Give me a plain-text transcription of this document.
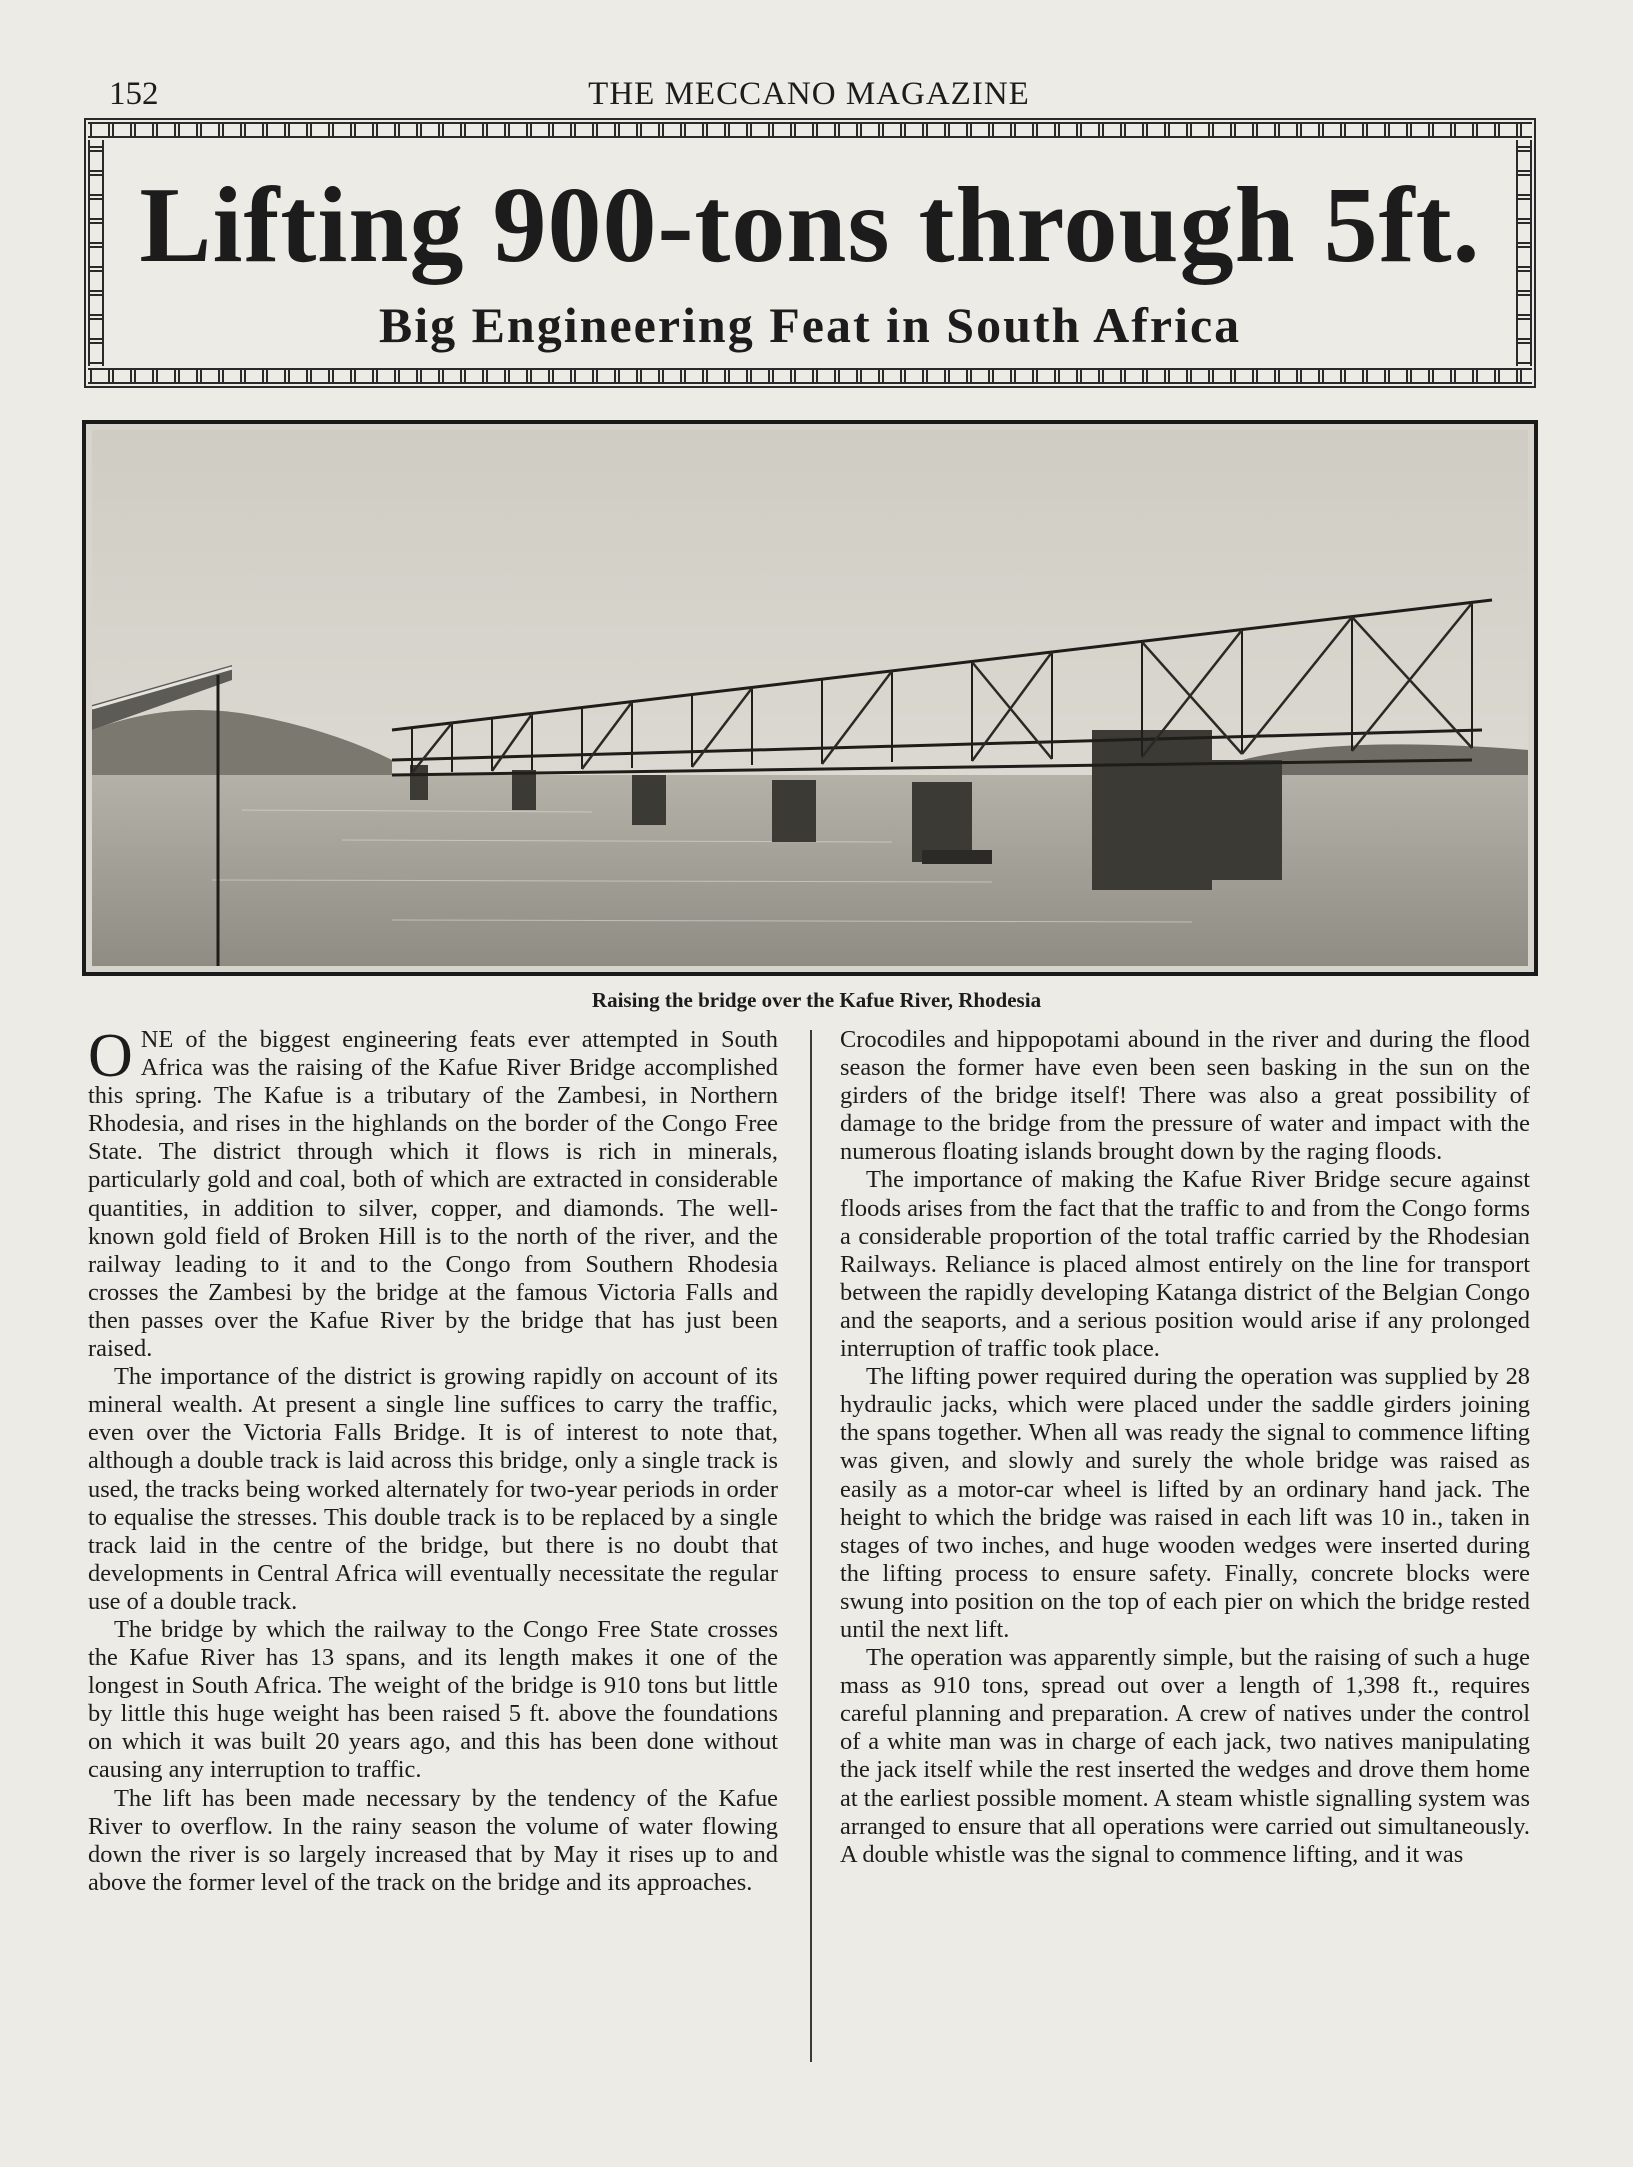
152	THE MECCANO MAGAZINE
Lifting 900-tons through 5ft.
Big Engineering Feat in South Africa
Raising the bridge over the Kafue River, Rhodesia

ONE of the biggest engineering feats ever attempted in South Africa was the raising of the Kafue River Bridge accomplished this spring. The Kafue is a tributary of the Zambesi, in Northern Rhodesia, and rises in the highlands on the border of the Congo Free State. The district through which it flows is rich in minerals, particularly gold and coal, both of which are extracted in considerable quantities, in addition to silver, copper, and diamonds. The well-known gold field of Broken Hill is to the north of the river, and the railway leading to it and to the Congo from Southern Rhodesia crosses the Zambesi by the bridge at the famous Victoria Falls and then passes over the Kafue River by the bridge that has just been raised.

The importance of the district is growing rapidly on account of its mineral wealth. At present a single line suffices to carry the traffic, even over the Victoria Falls Bridge. It is of interest to note that, although a double track is laid across this bridge, only a single track is used, the tracks being worked alternately for two-year periods in order to equalise the stresses. This double track is to be replaced by a single track laid in the centre of the bridge, but there is no doubt that developments in Central Africa will eventually necessitate the regular use of a double track.

The bridge by which the railway to the Congo Free State crosses the Kafue River has 13 spans, and its length makes it one of the longest in South Africa. The weight of the bridge is 910 tons but little by little this huge weight has been raised 5 ft. above the foundations on which it was built 20 years ago, and this has been done without causing any interruption to traffic.

The lift has been made necessary by the tendency of the Kafue River to overflow. In the rainy season the volume of water flowing down the river is so largely increased that by May it rises up to and above the former level of the track on the bridge and its approaches.

Crocodiles and hippopotami abound in the river and during the flood season the former have even been seen basking in the sun on the girders of the bridge itself! There was also a great possibility of damage to the bridge from the pressure of water and impact with the numerous floating islands brought down by the raging floods.

The importance of making the Kafue River Bridge secure against floods arises from the fact that the traffic to and from the Congo forms a considerable proportion of the total traffic carried by the Rhodesian Railways. Reliance is placed almost entirely on the line for transport between the rapidly developing Katanga district of the Belgian Congo and the seaports, and a serious position would arise if any prolonged interruption of traffic took place.

The lifting power required during the operation was supplied by 28 hydraulic jacks, which were placed under the saddle girders joining the spans together. When all was ready the signal to commence lifting was given, and slowly and surely the whole bridge was raised as easily as a motor-car wheel is lifted by an ordinary hand jack. The height to which the bridge was raised in each lift was 10 in., taken in stages of two inches, and huge wooden wedges were inserted during the lifting process to ensure safety. Finally, concrete blocks were swung into position on the top of each pier on which the bridge rested until the next lift.

The operation was apparently simple, but the raising of such a huge mass as 910 tons, spread out over a length of 1,398 ft., requires careful planning and preparation. A crew of natives under the control of a white man was in charge of each jack, two natives manipulating the jack itself while the rest inserted the wedges and drove them home at the earliest possible moment. A steam whistle signalling system was arranged to ensure that all operations were carried out simultaneously. A double whistle was the signal to commence lifting, and it was
